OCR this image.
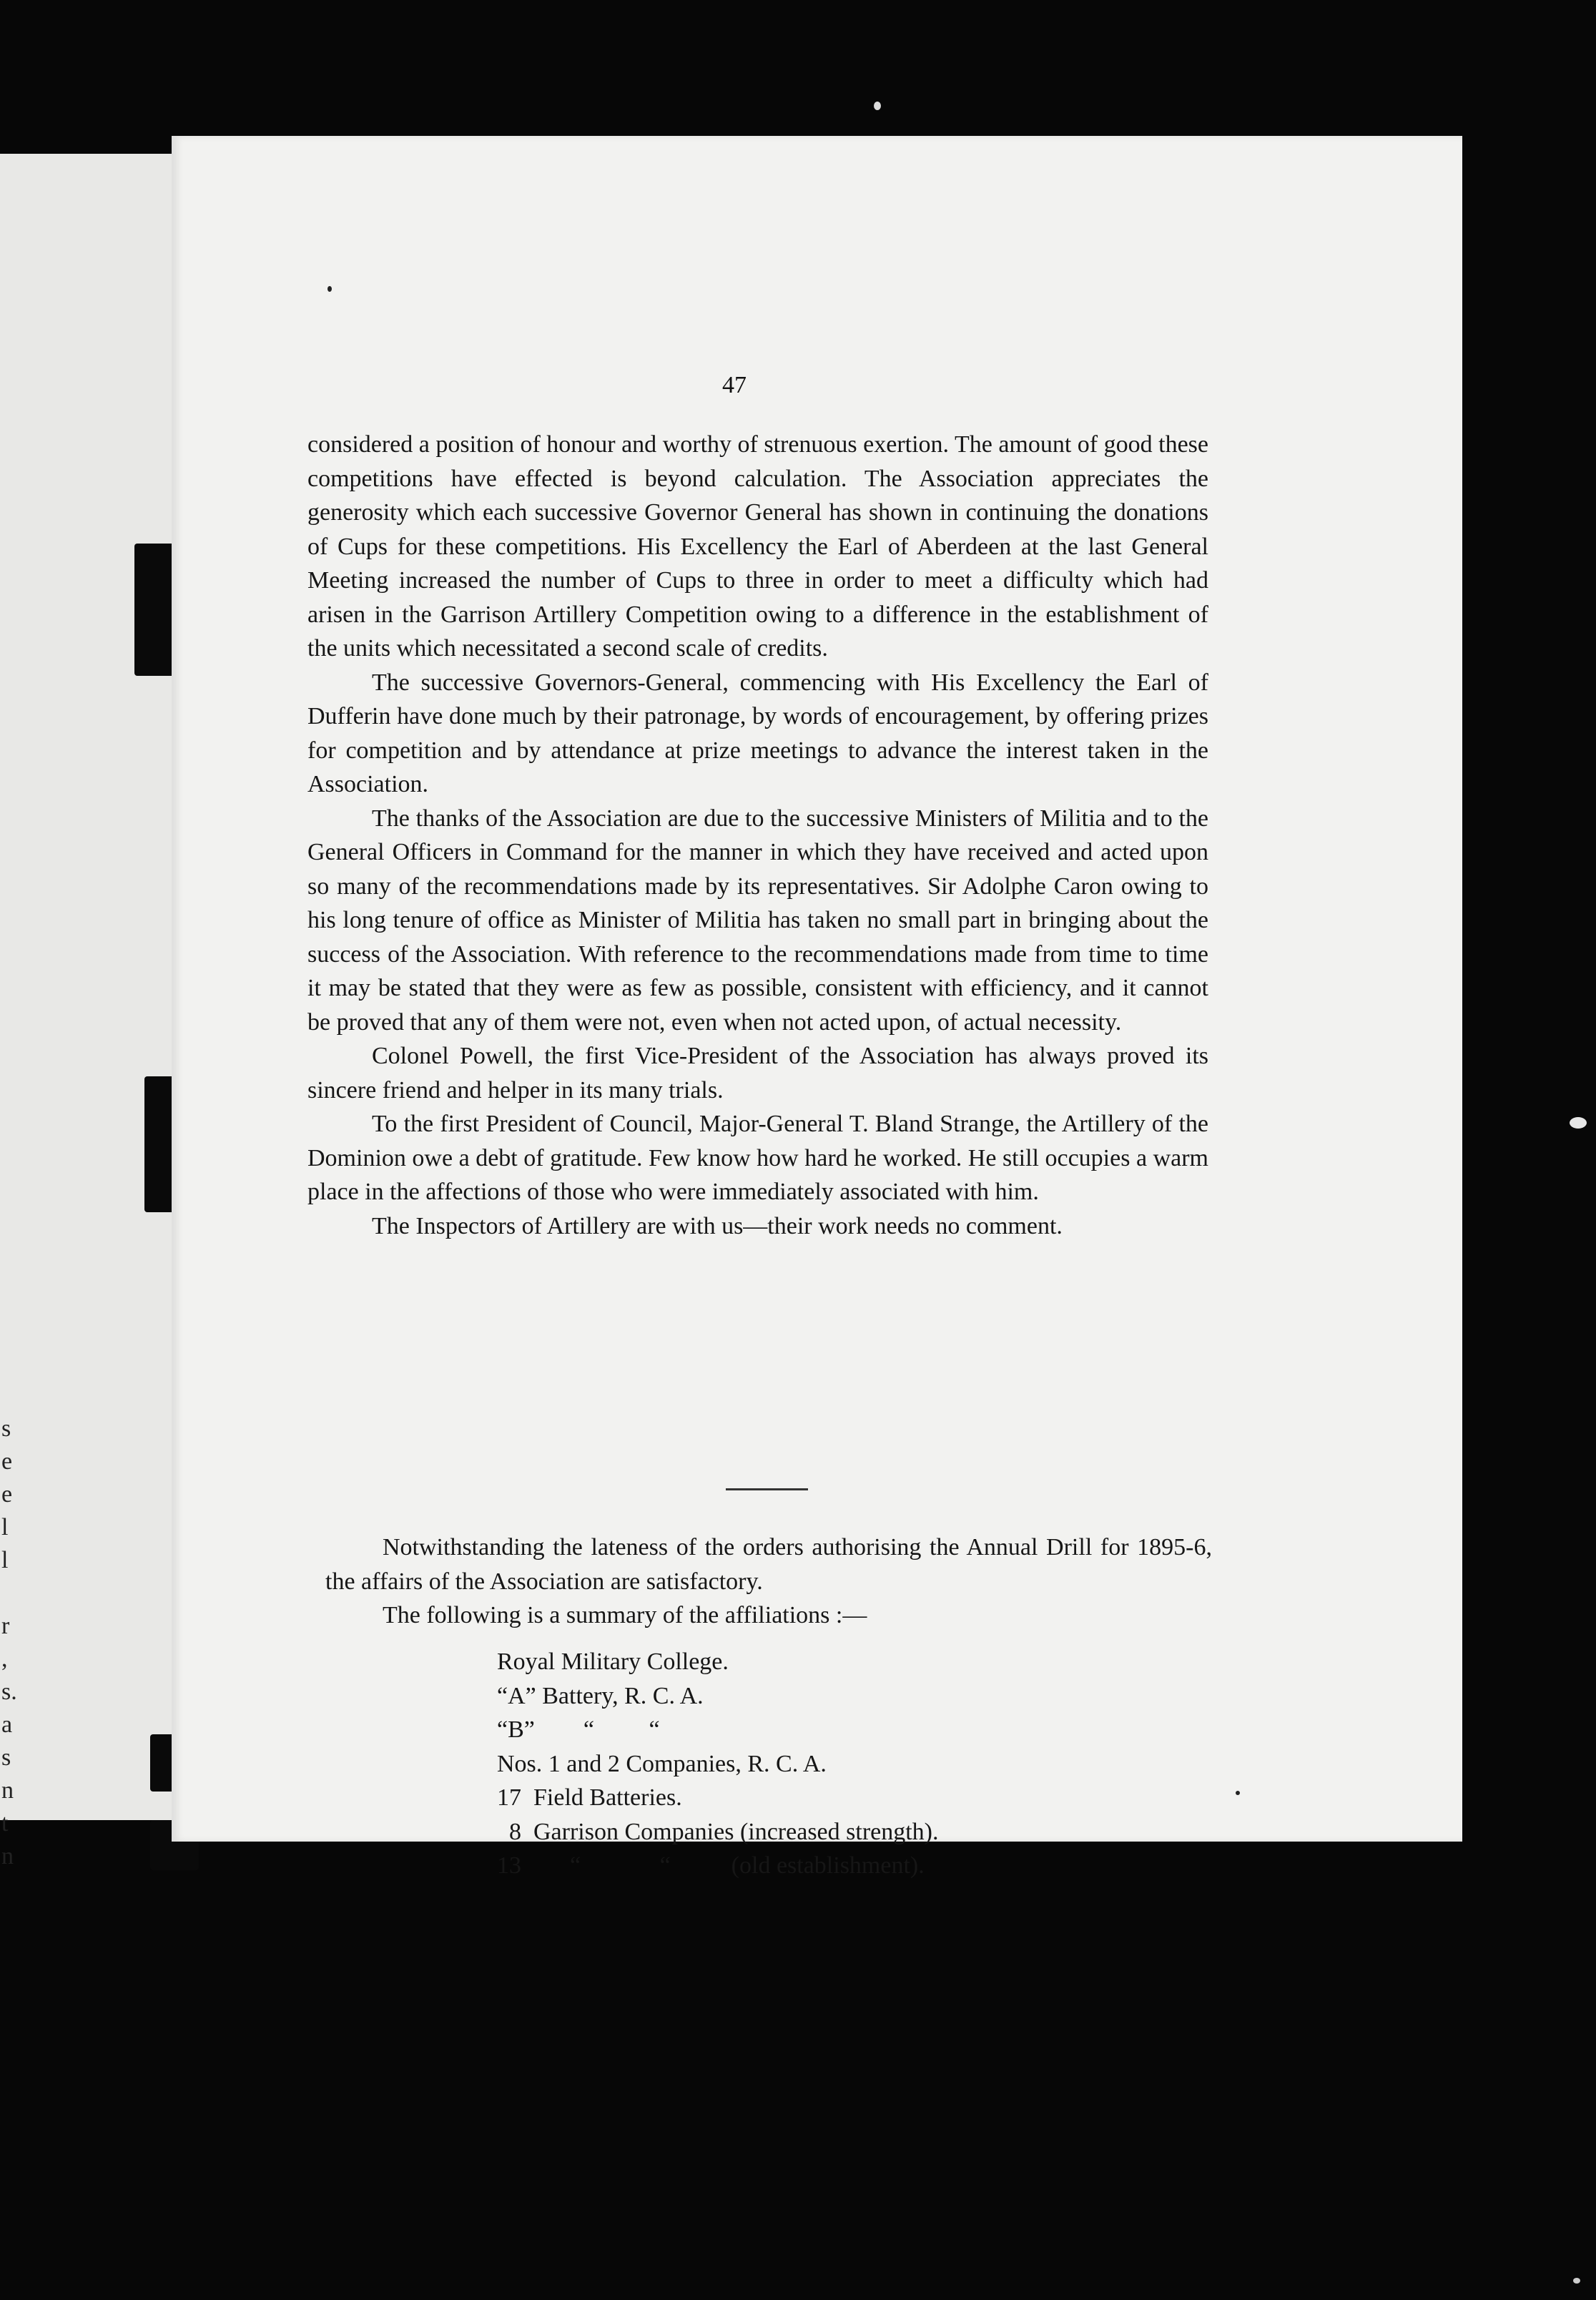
s
e
e
l
l
r
,
s.
a
s
n
t
n
47

considered a position of honour and worthy of strenuous exertion. The amount of good these competitions have effected is beyond calculation. The Association appreciates the generosity which each successive Governor General has shown in continuing the donations of Cups for these competitions. His Excellency the Earl of Aberdeen at the last General Meeting increased the number of Cups to three in order to meet a difficulty which had arisen in the Garrison Artillery Competition owing to a difference in the establishment of the units which necessitated a second scale of credits.

The successive Governors-General, commencing with His Excellency the Earl of Dufferin have done much by their patronage, by words of encouragement, by offering prizes for competition and by attendance at prize meetings to advance the interest taken in the Association.

The thanks of the Association are due to the successive Ministers of Militia and to the General Officers in Command for the manner in which they have received and acted upon so many of the recommendations made by its representatives. Sir Adolphe Caron owing to his long tenure of office as Minister of Militia has taken no small part in bringing about the success of the Association. With reference to the recommendations made from time to time it may be stated that they were as few as possible, consistent with efficiency, and it cannot be proved that any of them were not, even when not acted upon, of actual necessity.

Colonel Powell, the first Vice-President of the Association has always proved its sincere friend and helper in its many trials.

To the first President of Council, Major-General T. Bland Strange, the Artillery of the Dominion owe a debt of gratitude. Few know how hard he worked. He still occupies a warm place in the affections of those who were immediately associated with him.

The Inspectors of Artillery are with us—their work needs no comment.

Notwithstanding the lateness of the orders authorising the Annual Drill for 1895-6, the affairs of the Association are satisfactory.

The following is a summary of the affiliations :—

Royal Military College.
“A” Battery, R. C. A.
“B”        “         “
Nos. 1 and 2 Companies, R. C. A.
17  Field Batteries.
8  Garrison Companies (increased strength).
13        “             “          (old establishment).
